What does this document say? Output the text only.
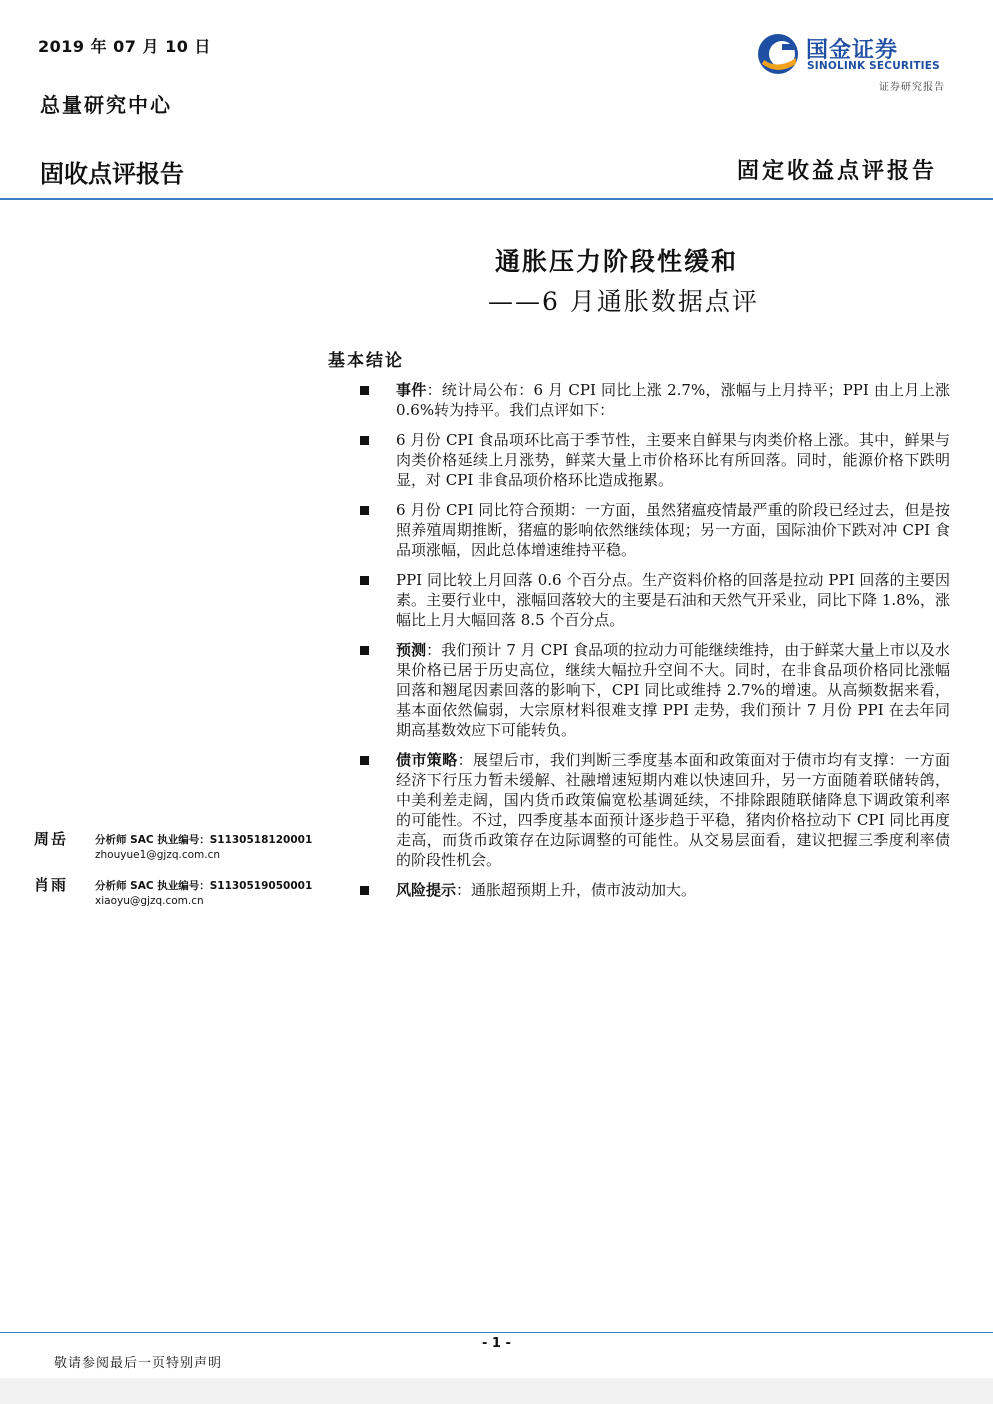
2019 年 07 月 10 日
总量研究中心
固收点评报告	固定收益点评报告
国金证券
SINOLINK SECURITIES
证券研究报告
通胀压力阶段性缓和
——6 月通胀数据点评
基本结论
事件：统计局公布：6 月 CPI 同比上涨 2.7%，涨幅与上月持平；PPI 由上月上涨 0.6%转为持平。我们点评如下：
6 月份 CPI 食品项环比高于季节性，主要来自鲜果与肉类价格上涨。其中，鲜果与肉类价格延续上月涨势，鲜菜大量上市价格环比有所回落。同时，能源价格下跌明显，对 CPI 非食品项价格环比造成拖累。
6 月份 CPI 同比符合预期：一方面，虽然猪瘟疫情最严重的阶段已经过去，但是按照养殖周期推断，猪瘟的影响依然继续体现；另一方面，国际油价下跌对冲 CPI 食品项涨幅，因此总体增速维持平稳。
PPI 同比较上月回落 0.6 个百分点。生产资料价格的回落是拉动 PPI 回落的主要因素。主要行业中，涨幅回落较大的主要是石油和天然气开采业，同比下降 1.8%，涨幅比上月大幅回落 8.5 个百分点。
预测：我们预计 7 月 CPI 食品项的拉动力可能继续维持，由于鲜菜大量上市以及水果价格已居于历史高位，继续大幅拉升空间不大。同时，在非食品项价格同比涨幅回落和翘尾因素回落的影响下，CPI 同比或维持 2.7%的增速。从高频数据来看，基本面依然偏弱，大宗原材料很难支撑 PPI 走势，我们预计 7 月份 PPI 在去年同期高基数效应下可能转负。
债市策略：展望后市，我们判断三季度基本面和政策面对于债市均有支撑：一方面经济下行压力暂未缓解、社融增速短期内难以快速回升，另一方面随着联储转鸽，中美利差走阔，国内货币政策偏宽松基调延续，不排除跟随联储降息下调政策利率的可能性。不过，四季度基本面预计逐步趋于平稳，猪肉价格拉动下 CPI 同比再度走高，而货币政策存在边际调整的可能性。从交易层面看，建议把握三季度利率债的阶段性机会。
风险提示：通胀超预期上升，债市波动加大。
周岳	分析师 SAC 执业编号：S1130518120001
zhouyue1@gjzq.com.cn
肖雨	分析师 SAC 执业编号：S1130519050001
xiaoyu@gjzq.com.cn
- 1 -
敬请参阅最后一页特别声明
